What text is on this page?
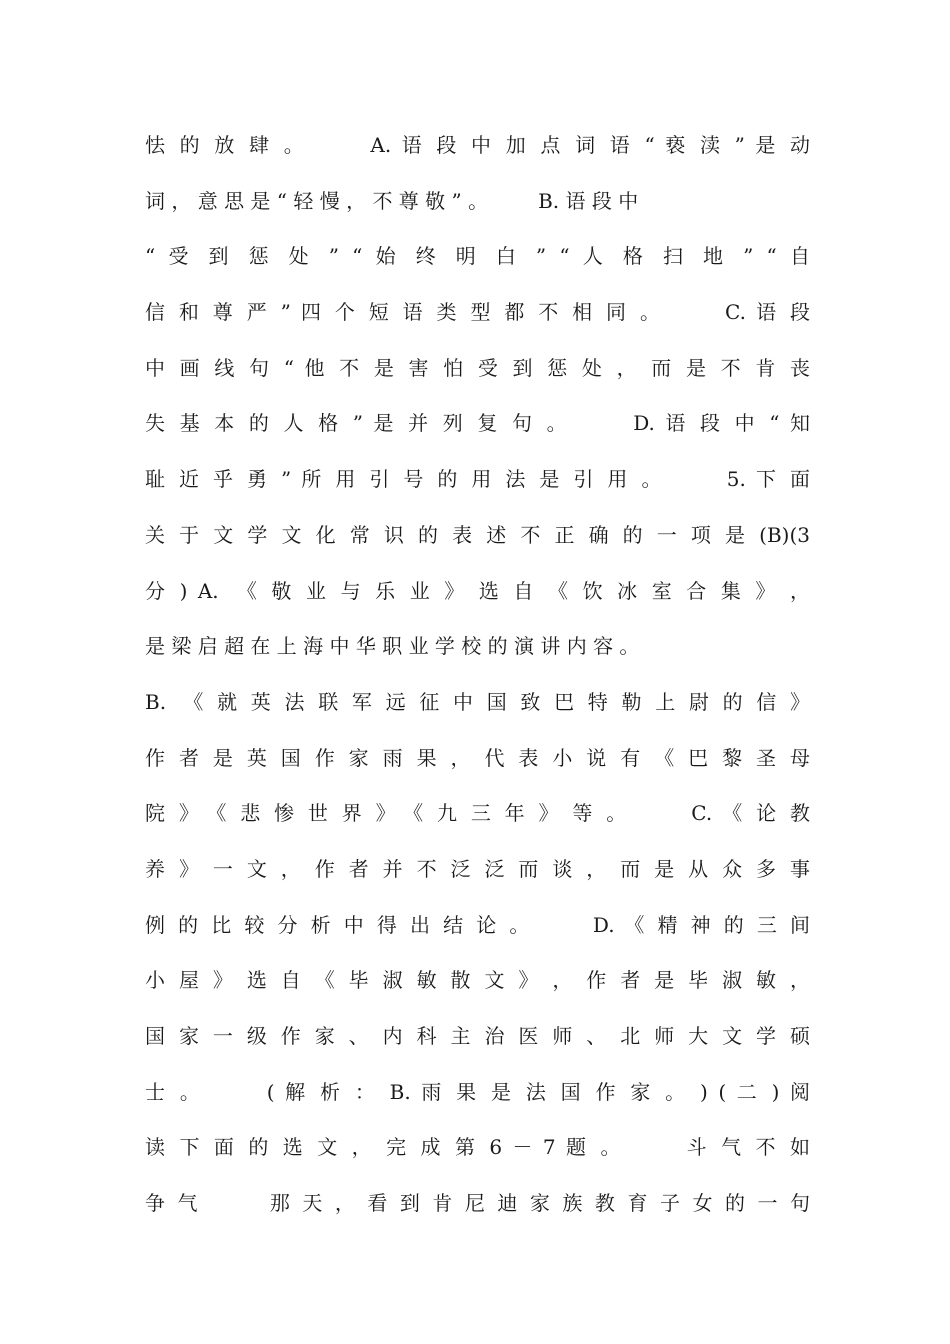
怯 的 放 肆 。　　　A. 语 段 中 加 点 词 语 “ 亵 渎 ” 是 动
词 ， 意 思 是 “ 轻 慢 ， 不 尊 敬 ” 。　　　B. 语 段 中
“ 受 到 惩 处 ” “ 始 终 明 白 ” “ 人 格 扫 地 ” “ 自
信 和 尊 严 ” 四 个 短 语 类 型 都 不 相 同 。　　　C. 语 段
中 画 线 句 “ 他 不 是 害 怕 受 到 惩 处 ， 而 是 不 肯 丧
失 基 本 的 人 格 ” 是 并 列 复 句 。　　　D. 语 段 中 “ 知
耻 近 乎 勇 ” 所 用 引 号 的 用 法 是 引 用 。　　　5. 下 面
关 于 文 学 文 化 常 识 的 表 述 不 正 确 的 一 项 是 (B)(3
分 ) A.　《 敬 业 与 乐 业 》 选 自 《 饮 冰 室 合 集 》 ，
是 梁 启 超 在 上 海 中 华 职 业 学 校 的 演 讲 内 容 。
B.　《 就 英 法 联 军 远 征 中 国 致 巴 特 勒 上 尉 的 信 》
作 者 是 英 国 作 家 雨 果 ， 代 表 小 说 有 《 巴 黎 圣 母
院 》　《 悲 惨 世 界 》　《 九 三 年 》 等 。　　　C. 《 论 教
养 》 一 文 ， 作 者 并 不 泛 泛 而 谈 ， 而 是 从 众 多 事
例 的 比 较 分 析 中 得 出 结 论 。　　　D. 《 精 神 的 三 间
小 屋 》 选 自 《 毕 淑 敏 散 文 》 ， 作 者 是 毕 淑 敏 ，
国 家 一 级 作 家 、 内 科 主 治 医 师 、 北 师 大 文 学 硕
士 。　　　( 解 析 ： B. 雨 果 是 法 国 作 家 。 ) ( 二 ) 阅
读 下 面 的 选 文 ， 完 成 第 6 － 7 题 。　　　斗 气 不 如
争 气　　　那 天 ， 看 到 肯 尼 迪 家 族 教 育 子 女 的 一 句
